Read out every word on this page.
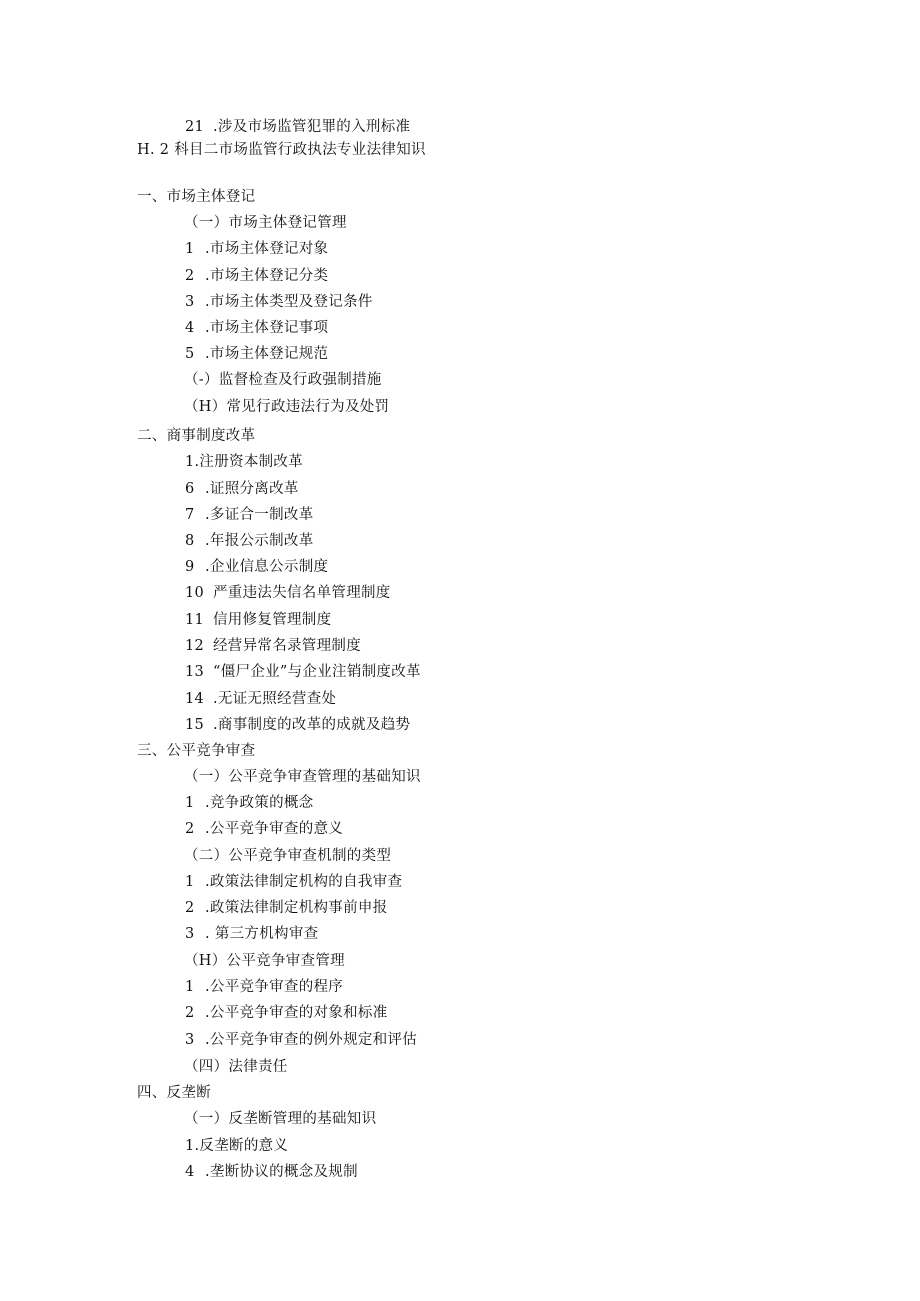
21 .涉及市场监管犯罪的入刑标准
H. 2 科目二市场监管行政执法专业法律知识
一、市场主体登记
（一）市场主体登记管理
1 .市场主体登记对象
2 .市场主体登记分类
3 .市场主体类型及登记条件
4 .市场主体登记事项
5 .市场主体登记规范
（-）监督检查及行政强制措施
（H）常见行政违法行为及处罚
二、商事制度改革
1.注册资本制改革
6 .证照分离改革
7 .多证合一制改革
8 .年报公示制改革
9 .企业信息公示制度
10 严重违法失信名单管理制度
11 信用修复管理制度
12 经营异常名录管理制度
13 “僵尸企业”与企业注销制度改革
14 .无证无照经营查处
15 .商事制度的改革的成就及趋势
三、公平竞争审查
（一）公平竞争审查管理的基础知识
1 .竞争政策的概念
2 .公平竞争审查的意义
（二）公平竞争审查机制的类型
1 .政策法律制定机构的自我审查
2 .政策法律制定机构事前申报
3 . 第三方机构审查
（H）公平竞争审查管理
1 .公平竞争审查的程序
2 .公平竞争审查的对象和标准
3 .公平竞争审查的例外规定和评估
（四）法律责任
四、反垄断
（一）反垄断管理的基础知识
1.反垄断的意义
4 .垄断协议的概念及规制
